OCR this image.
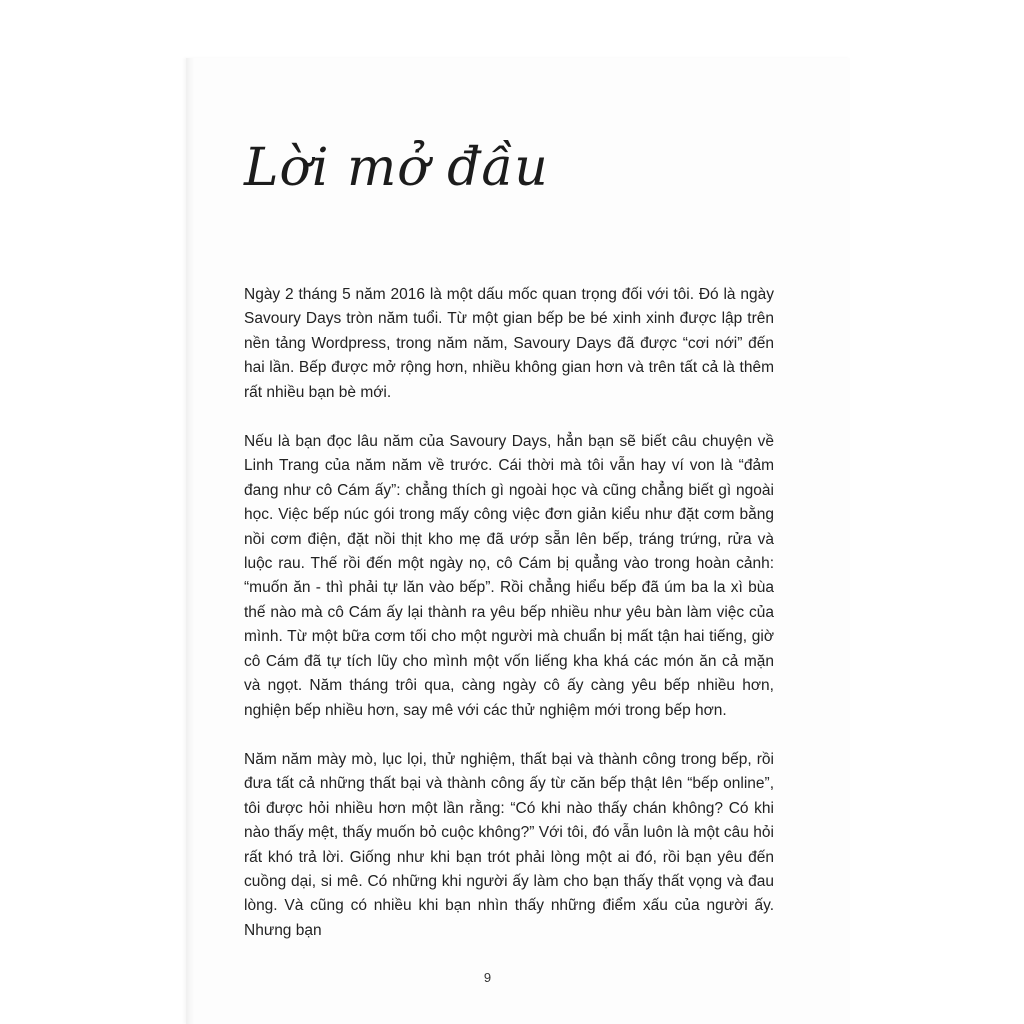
Lời mở đầu

Ngày 2 tháng 5 năm 2016 là một dấu mốc quan trọng đối với tôi. Đó là ngày Savoury Days tròn năm tuổi. Từ một gian bếp be bé xinh xinh được lập trên nền tảng Wordpress, trong năm năm, Savoury Days đã được “cơi nới” đến hai lần. Bếp được mở rộng hơn, nhiều không gian hơn và trên tất cả là thêm rất nhiều bạn bè mới.

Nếu là bạn đọc lâu năm của Savoury Days, hẳn bạn sẽ biết câu chuyện về Linh Trang của năm năm về trước. Cái thời mà tôi vẫn hay ví von là “đảm đang như cô Cám ấy”: chẳng thích gì ngoài học và cũng chẳng biết gì ngoài học. Việc bếp núc gói trong mấy công việc đơn giản kiểu như đặt cơm bằng nồi cơm điện, đặt nồi thịt kho mẹ đã ướp sẵn lên bếp, tráng trứng, rửa và luộc rau. Thế rồi đến một ngày nọ, cô Cám bị quẳng vào trong hoàn cảnh: “muốn ăn - thì phải tự lăn vào bếp”. Rồi chẳng hiểu bếp đã úm ba la xì bùa thế nào mà cô Cám ấy lại thành ra yêu bếp nhiều như yêu bàn làm việc của mình. Từ một bữa cơm tối cho một người mà chuẩn bị mất tận hai tiếng, giờ cô Cám đã tự tích lũy cho mình một vốn liếng kha khá các món ăn cả mặn và ngọt. Năm tháng trôi qua, càng ngày cô ấy càng yêu bếp nhiều hơn, nghiện bếp nhiều hơn, say mê với các thử nghiệm mới trong bếp hơn.

Năm năm mày mò, lục lọi, thử nghiệm, thất bại và thành công trong bếp, rồi đưa tất cả những thất bại và thành công ấy từ căn bếp thật lên “bếp online”, tôi được hỏi nhiều hơn một lần rằng: “Có khi nào thấy chán không? Có khi nào thấy mệt, thấy muốn bỏ cuộc không?” Với tôi, đó vẫn luôn là một câu hỏi rất khó trả lời. Giống như khi bạn trót phải lòng một ai đó, rồi bạn yêu đến cuồng dại, si mê. Có những khi người ấy làm cho bạn thấy thất vọng và đau lòng. Và cũng có nhiều khi bạn nhìn thấy những điểm xấu của người ấy. Nhưng bạn

9
